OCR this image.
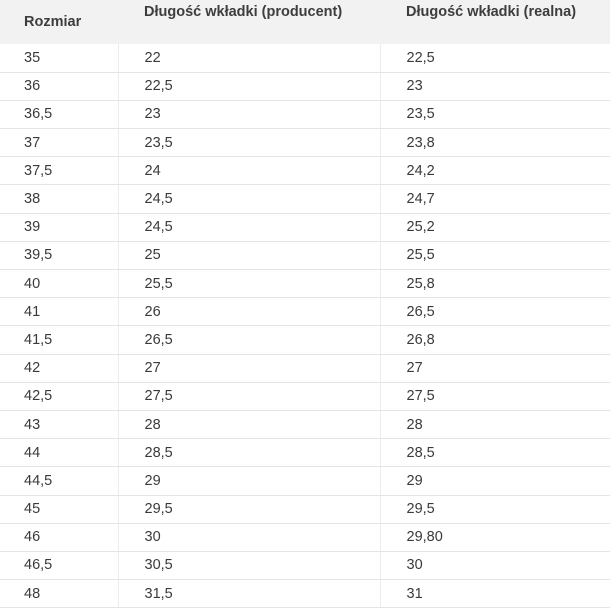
Rozmiar	Długość wkładki (producent)	Długość wkładki (realna)
35	22	22,5
36	22,5	23
36,5	23	23,5
37	23,5	23,8
37,5	24	24,2
38	24,5	24,7
39	24,5	25,2
39,5	25	25,5
40	25,5	25,8
41	26	26,5
41,5	26,5	26,8
42	27	27
42,5	27,5	27,5
43	28	28
44	28,5	28,5
44,5	29	29
45	29,5	29,5
46	30	29,80
46,5	30,5	30
48	31,5	31
